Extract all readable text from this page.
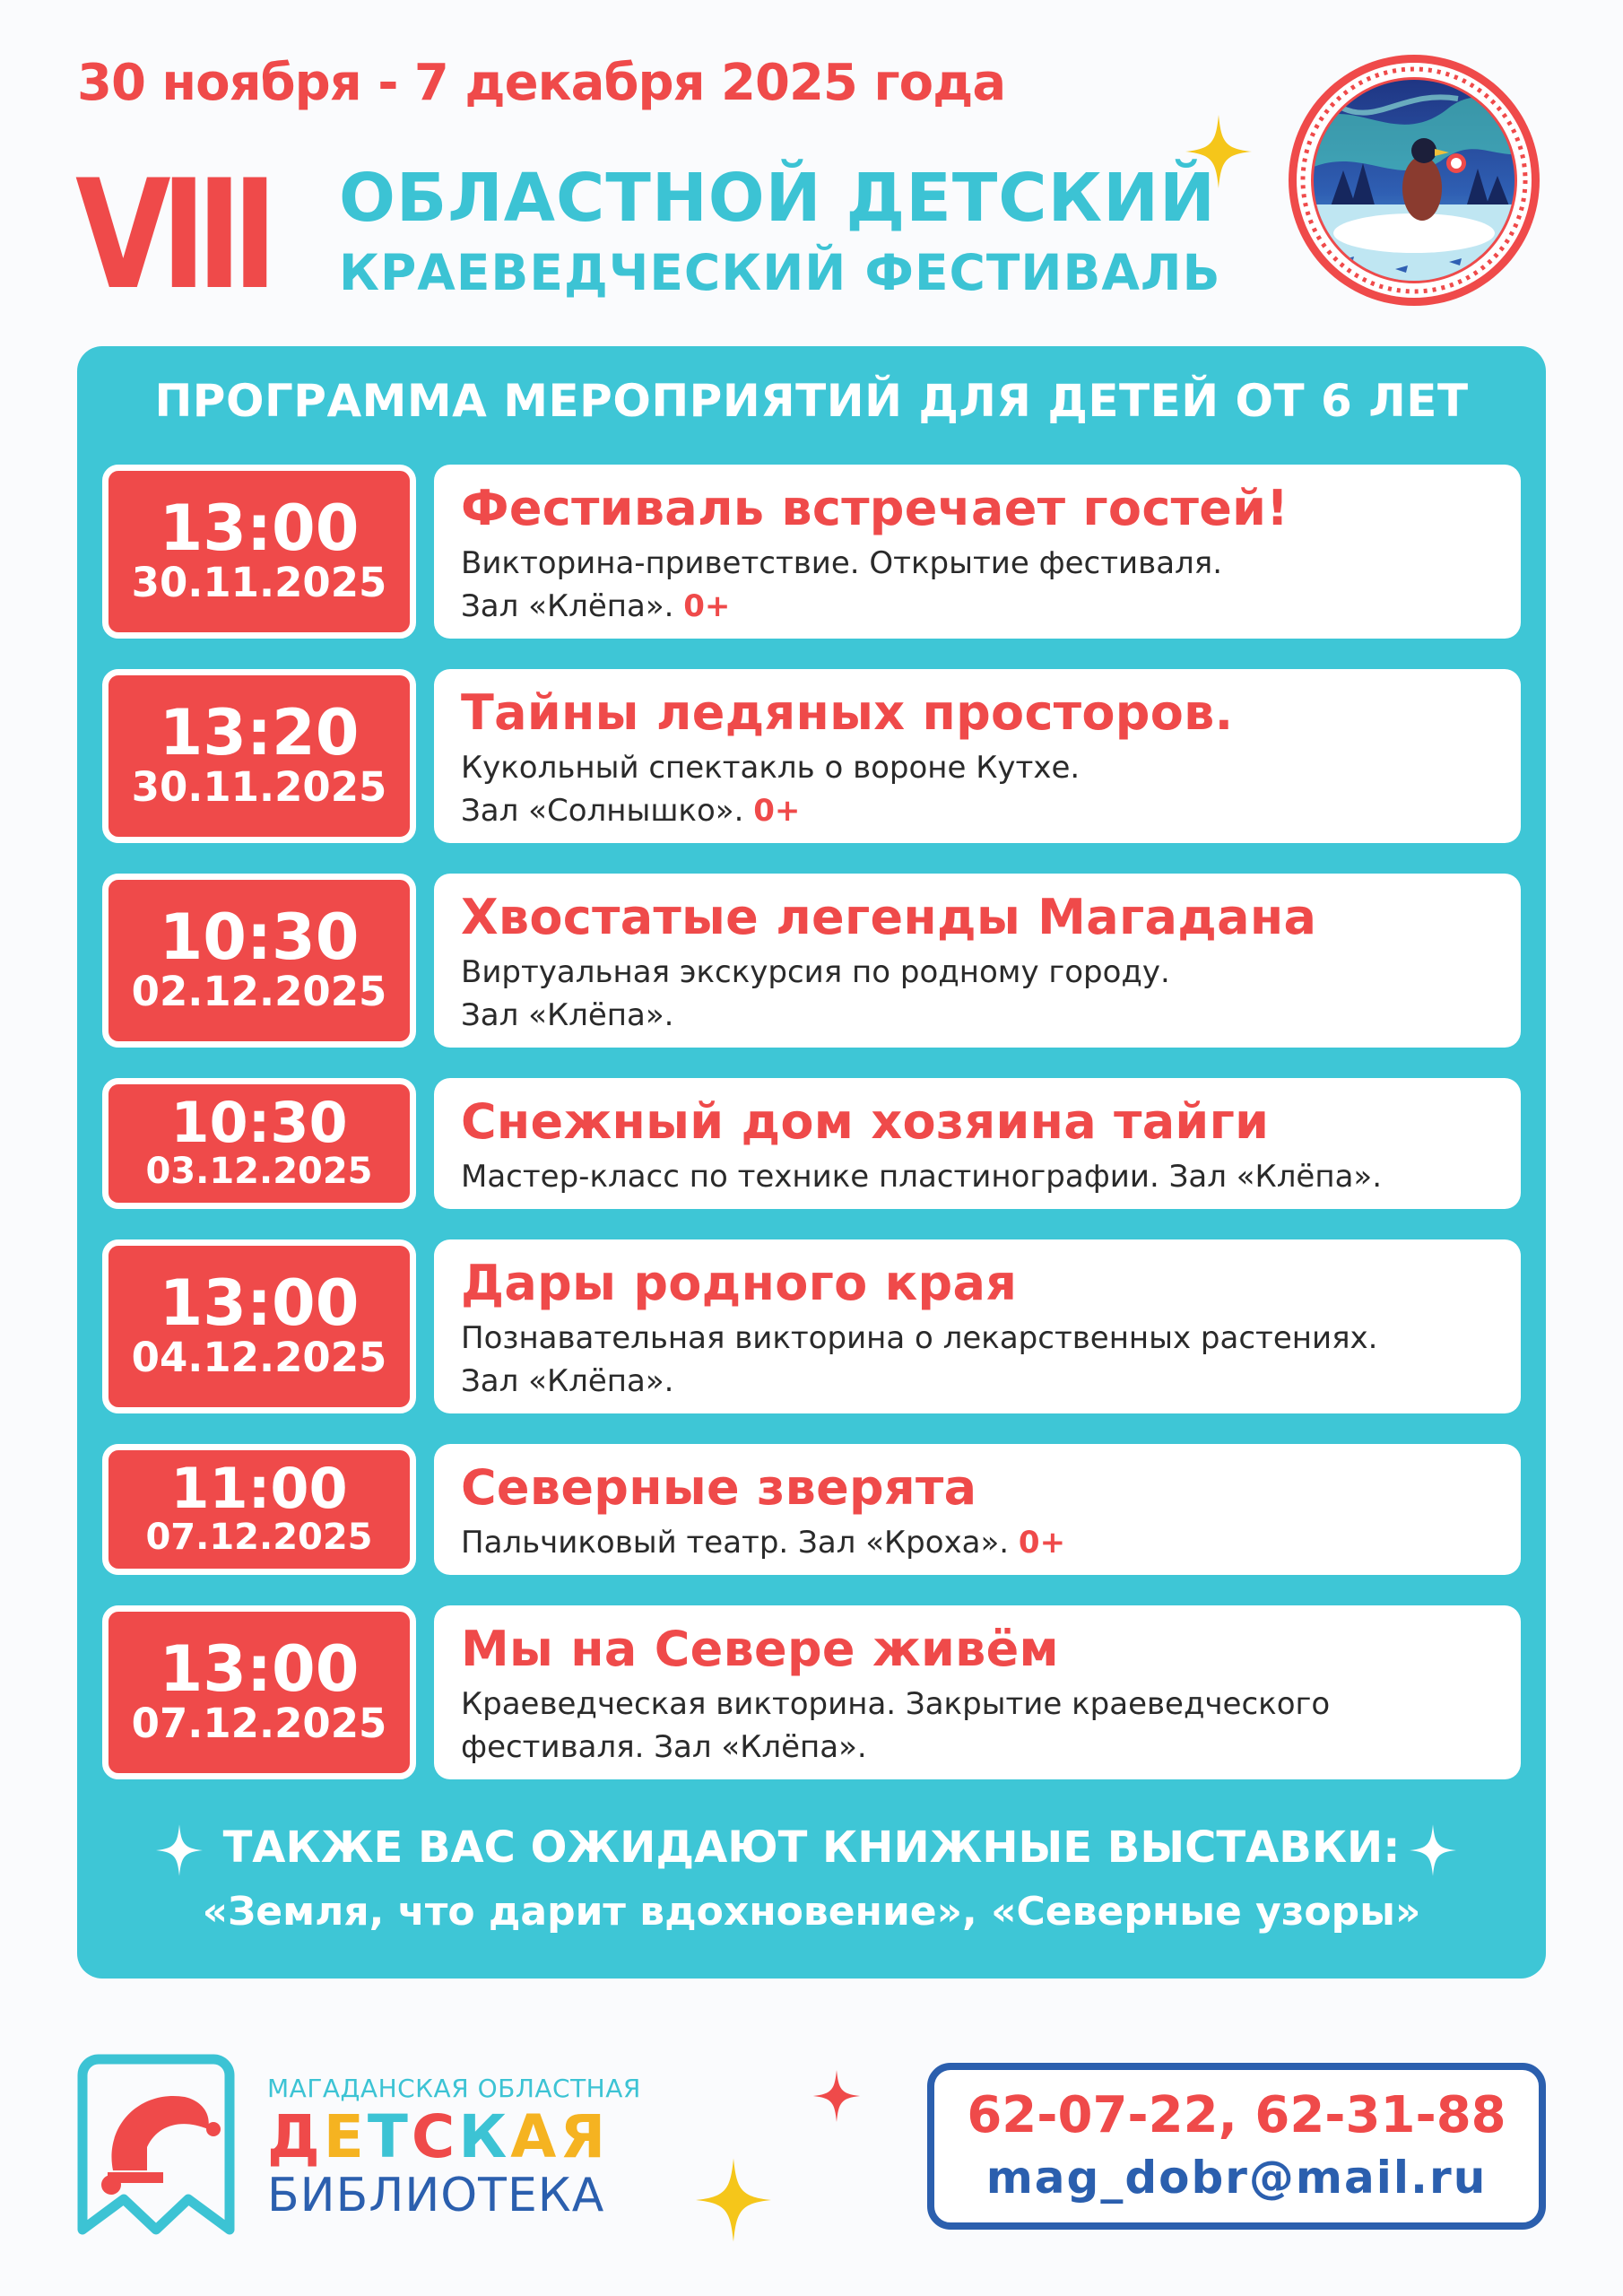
30 ноября - 7 декабря 2025 года
VIII ОБЛАСТНОЙ ДЕТСКИЙ
КРАЕВЕДЧЕСКИЙ ФЕСТИВАЛЬ
ПРОГРАММА МЕРОПРИЯТИЙ ДЛЯ ДЕТЕЙ ОТ 6 ЛЕТ
13:00
30.11.2025
Фестиваль встречает гостей!
Викторина-приветствие. Открытие фестиваля.
Зал «Клёпа». 0+
13:20
30.11.2025
Тайны ледяных просторов.
Кукольный спектакль о вороне Кутхе.
Зал «Солнышко». 0+
10:30
02.12.2025
Хвостатые легенды Магадана
Виртуальная экскурсия по родному городу.
Зал «Клёпа».
10:30
03.12.2025
Снежный дом хозяина тайги
Мастер-класс по технике пластинографии. Зал «Клёпа».
13:00
04.12.2025
Дары родного края
Познавательная викторина о лекарственных растениях.
Зал «Клёпа».
11:00
07.12.2025
Северные зверята
Пальчиковый театр. Зал «Кроха». 0+
13:00
07.12.2025
Мы на Севере живём
Краеведческая викторина. Закрытие краеведческого
фестиваля. Зал «Клёпа».
ТАКЖЕ ВАС ОЖИДАЮТ КНИЖНЫЕ ВЫСТАВКИ:
«Земля, что дарит вдохновение», «Северные узоры»
МАГАДАНСКАЯ ОБЛАСТНАЯ
ДЕТСКАЯ
БИБЛИОТЕКА
62-07-22, 62-31-88
mag_dobr@mail.ru
